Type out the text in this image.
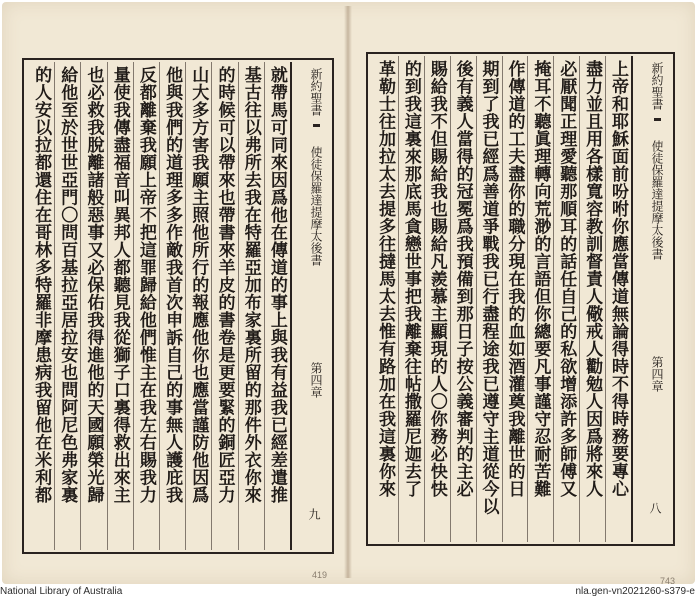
新約聖書
使徒保羅達提摩太後書
第四章
九
就帶馬可同來因爲他在傳道的事上與我有益我已經差遣推
基古往以弗所去我在特羅亞加布家裏所留的那件外衣你來
的時候可以帶來也帶書來羊皮的書卷是更要緊的銅匠亞力
山大多方害我願主照他所行的報應他你也應當謹防他因爲
他與我們的道理多多作敵我首次申訴自己的事無人護庇我
反都離棄我願上帝不把這罪歸給他們惟主在我左右賜我力
量使我傳盡福音叫異邦人都聽見我從獅子口裏得救出來主
也必救我脫離諸般惡事又必保佑我得進他的天國願榮光歸
給他至於世世亞門〇問百基拉亞居拉安也問阿尼色弗家裏
的人安以拉都還住在哥林多特羅非摩患病我留他在米利都	新約聖書
使徒保羅達提摩太後書
第四章
八
上帝和耶穌面前吩咐你應當傳道無論得時不得時務要專心
盡力並且用各樣寬容教訓督責人儆戒人勸勉人因爲將來人
必厭聞正理愛聽那順耳的話任自己的私欲增添許多師傅又
掩耳不聽眞理轉向荒渺的言語但你總要凡事謹守忍耐苦難
作傳道的工夫盡你的職分現在我的血如酒灌奠我離世的日
期到了我已經爲善道爭戰我已行盡程途我已遵守主道從今以
後有義人當得的冠冕爲我預備到那日子按公義審判的主必
賜給我不但賜給我也賜給凡羨慕主顯現的人〇你務必快快
的到我這裏來那底馬貪戀世事把我離棄往帖撒羅尼迦去了
革勒士往加拉太去提多往撻馬太去惟有路加在我這裏你來
419
743
National Library of Australia	nla.gen-vn2021260-s379-e
